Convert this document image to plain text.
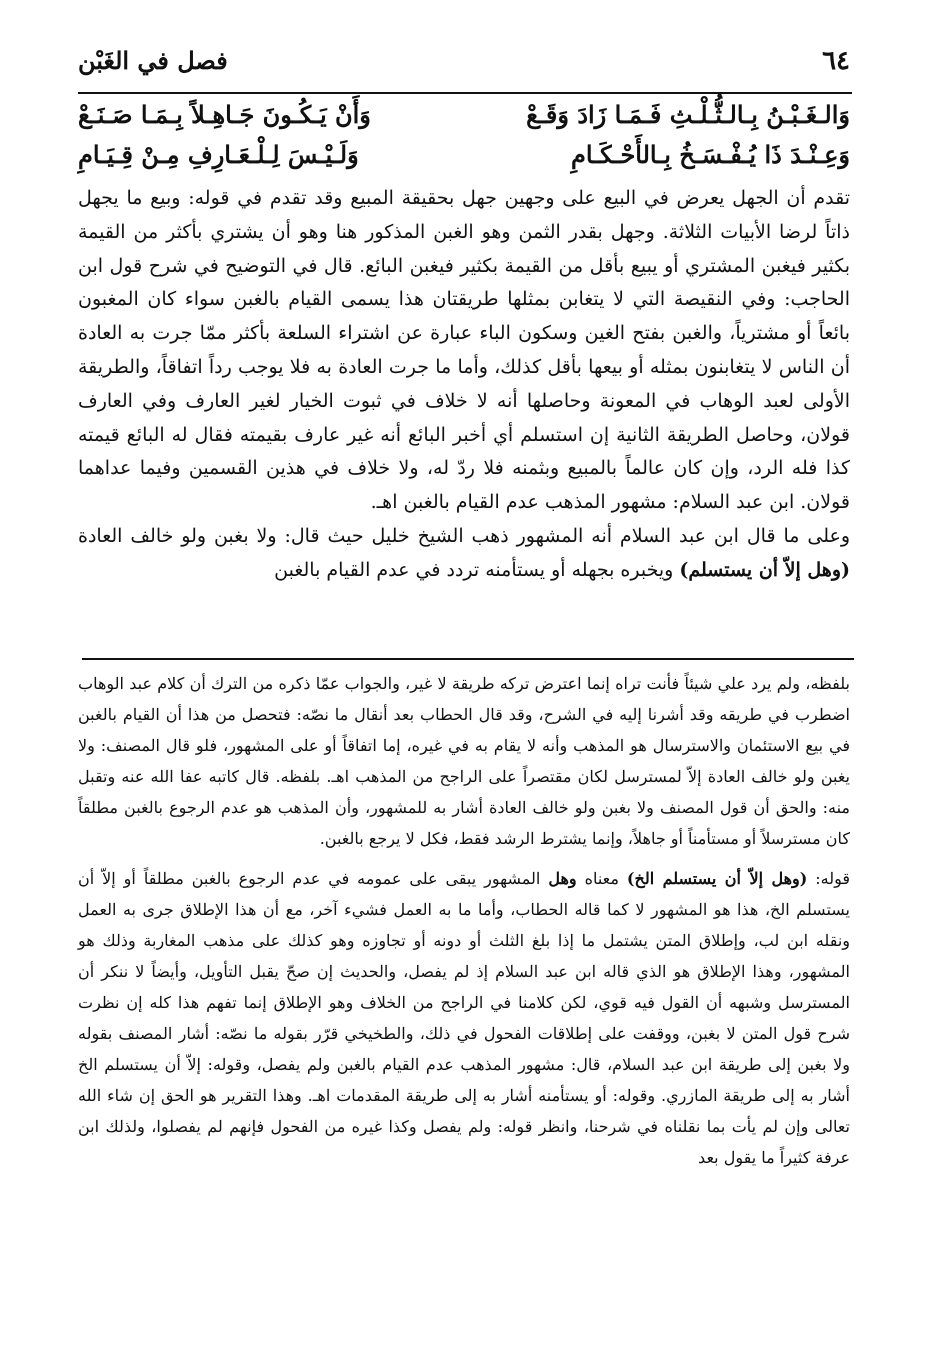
٦٤
فصل في الغَبْن
وَالـغَـبْـنُ بِـالـثُّـلْـثِ فَـمَـا زَادَ وَقَـعْ
وَأَنْ يَـكُـونَ جَـاهِـلاً بِـمَـا صَـنَـعْ
وَعِـنْـدَ ذَا يُـفْـسَـخُ بِـالأَحْـكَـامِ
وَلَـيْـسَ لِـلْـعَـارِفِ مِـنْ قِـيَـامِ

تقدم أن الجهل يعرض في البيع على وجهين جهل بحقيقة المبيع وقد تقدم في قوله: وبيع ما يجهل ذاتاً لرضا الأبيات الثلاثة. وجهل بقدر الثمن وهو الغبن المذكور هنا وهو أن يشتري بأكثر من القيمة بكثير فيغبن المشتري أو يبيع بأقل من القيمة بكثير فيغبن البائع. قال في التوضيح في شرح قول ابن الحاجب: وفي النقيصة التي لا يتغابن بمثلها طريقتان هذا يسمى القيام بالغبن سواء كان المغبون بائعاً أو مشترياً، والغبن بفتح الغين وسكون الباء عبارة عن اشتراء السلعة بأكثر ممّا جرت به العادة أن الناس لا يتغابنون بمثله أو بيعها بأقل كذلك، وأما ما جرت العادة به فلا يوجب رداً اتفاقاً، والطريقة الأولى لعبد الوهاب في المعونة وحاصلها أنه لا خلاف في ثبوت الخيار لغير العارف وفي العارف قولان، وحاصل الطريقة الثانية إن استسلم أي أخبر البائع أنه غير عارف بقيمته فقال له البائع قيمته كذا فله الرد، وإن كان عالماً بالمبيع وبثمنه فلا ردّ له، ولا خلاف في هذين القسمين وفيما عداهما قولان. ابن عبد السلام: مشهور المذهب عدم القيام بالغبن اهـ.

وعلى ما قال ابن عبد السلام أنه المشهور ذهب الشيخ خليل حيث قال: ولا بغبن ولو خالف العادة (وهل إلاّ أن يستسلم) ويخبره بجهله أو يستأمنه تردد في عدم القيام بالغبن

بلفظه، ولم يرد علي شيئاً فأنت تراه إنما اعترض تركه طريقة لا غير، والجواب عمّا ذكره من الترك أن كلام عبد الوهاب اضطرب في طريقه وقد أشرنا إليه في الشرح، وقد قال الحطاب بعد أنقال ما نصّه: فتحصل من هذا أن القيام بالغبن في بيع الاستئمان والاسترسال هو المذهب وأنه لا يقام به في غيره، إما اتفاقاً أو على المشهور، فلو قال المصنف: ولا يغبن ولو خالف العادة إلاّ لمسترسل لكان مقتصراً على الراجح من المذهب اهـ. بلفظه. قال كاتبه عفا الله عنه وتقبل منه: والحق أن قول المصنف ولا بغبن ولو خالف العادة أشار به للمشهور، وأن المذهب هو عدم الرجوع بالغبن مطلقاً كان مسترسلاً أو مستأمناً أو جاهلاً، وإنما يشترط الرشد فقط، فكل لا يرجع بالغبن.

قوله: (وهل إلاّ أن يستسلم الخ) معناه وهل المشهور يبقى على عمومه في عدم الرجوع بالغبن مطلقاً أو إلاّ أن يستسلم الخ، هذا هو المشهور لا كما قاله الحطاب، وأما ما به العمل فشيء آخر، مع أن هذا الإطلاق جرى به العمل ونقله ابن لب، وإطلاق المتن يشتمل ما إذا بلغ الثلث أو دونه أو تجاوزه وهو كذلك على مذهب المغاربة وذلك هو المشهور، وهذا الإطلاق هو الذي قاله ابن عبد السلام إذ لم يفصل، والحديث إن صحّ يقبل التأويل، وأيضاً لا ننكر أن المسترسل وشبهه أن القول فيه قوي، لكن كلامنا في الراجح من الخلاف وهو الإطلاق إنما تفهم هذا كله إن نظرت شرح قول المتن لا بغبن، ووقفت على إطلاقات الفحول في ذلك، والطخيخي قرّر بقوله ما نصّه: أشار المصنف بقوله ولا بغبن إلى طريقة ابن عبد السلام، قال: مشهور المذهب عدم القيام بالغبن ولم يفصل، وقوله: إلاّ أن يستسلم الخ أشار به إلى طريقة المازري. وقوله: أو يستأمنه أشار به إلى طريقة المقدمات اهـ. وهذا التقرير هو الحق إن شاء الله تعالى وإن لم يأت بما نقلناه في شرحنا، وانظر قوله: ولم يفصل وكذا غيره من الفحول فإنهم لم يفصلوا، ولذلك ابن عرفة كثيراً ما يقول بعد
